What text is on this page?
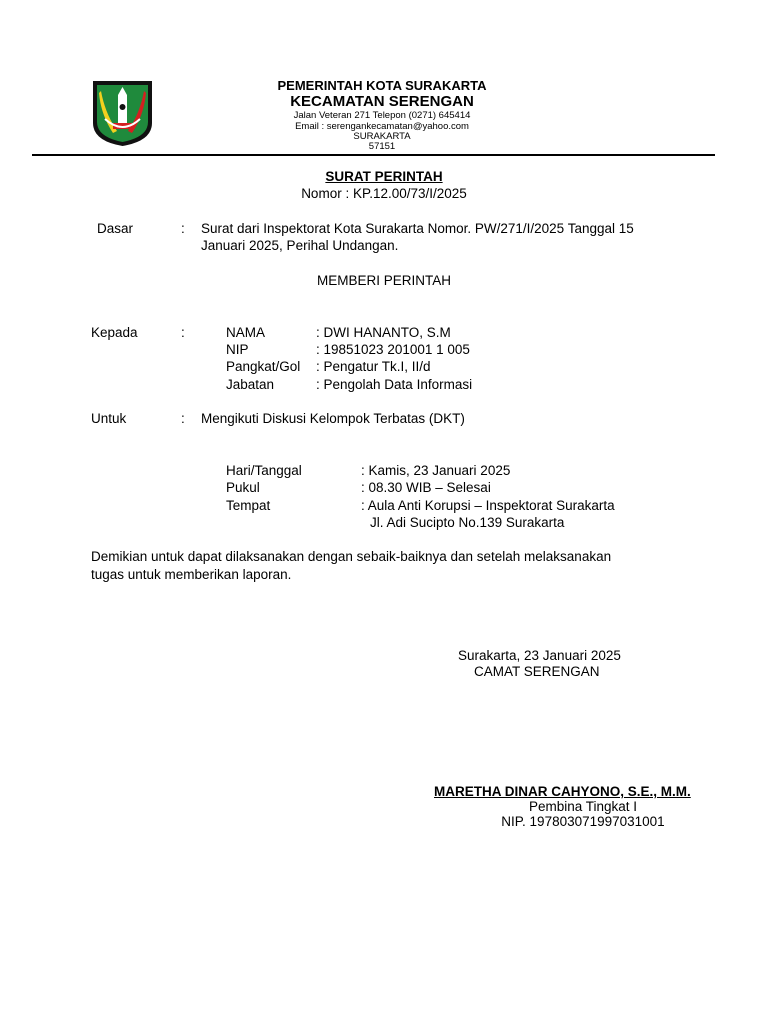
PEMERINTAH KOTA SURAKARTA
KECAMATAN SERENGAN
Jalan Veteran 271 Telepon (0271) 645414
Email : serengankecamatan@yahoo.com
SURAKARTA
57151
SURAT PERINTAH
Nomor : KP.12.00/73/I/2025
Dasar	: Surat dari Inspektorat Kota Surakarta Nomor. PW/271/I/2025 Tanggal 15
Januari 2025, Perihal Undangan.
MEMBERI PERINTAH
Kepada	:	NAMA	: DWI HANANTO, S.M
NIP	: 19851023 201001 1 005
Pangkat/Gol : Pengatur Tk.I, II/d
Jabatan	: Pengolah Data Informasi
Untuk	: Mengikuti Diskusi Kelompok Terbatas (DKT)
Hari/Tanggal	: Kamis, 23 Januari 2025
Pukul	: 08.30 WIB – Selesai
Tempat	: Aula Anti Korupsi – Inspektorat Surakarta
Jl. Adi Sucipto No.139 Surakarta
Demikian untuk dapat dilaksanakan dengan sebaik-baiknya dan setelah melaksanakan
tugas untuk memberikan laporan.
Surakarta, 23 Januari 2025
CAMAT SERENGAN
MARETHA DINAR CAHYONO, S.E., M.M.
Pembina Tingkat I
NIP. 197803071997031001
